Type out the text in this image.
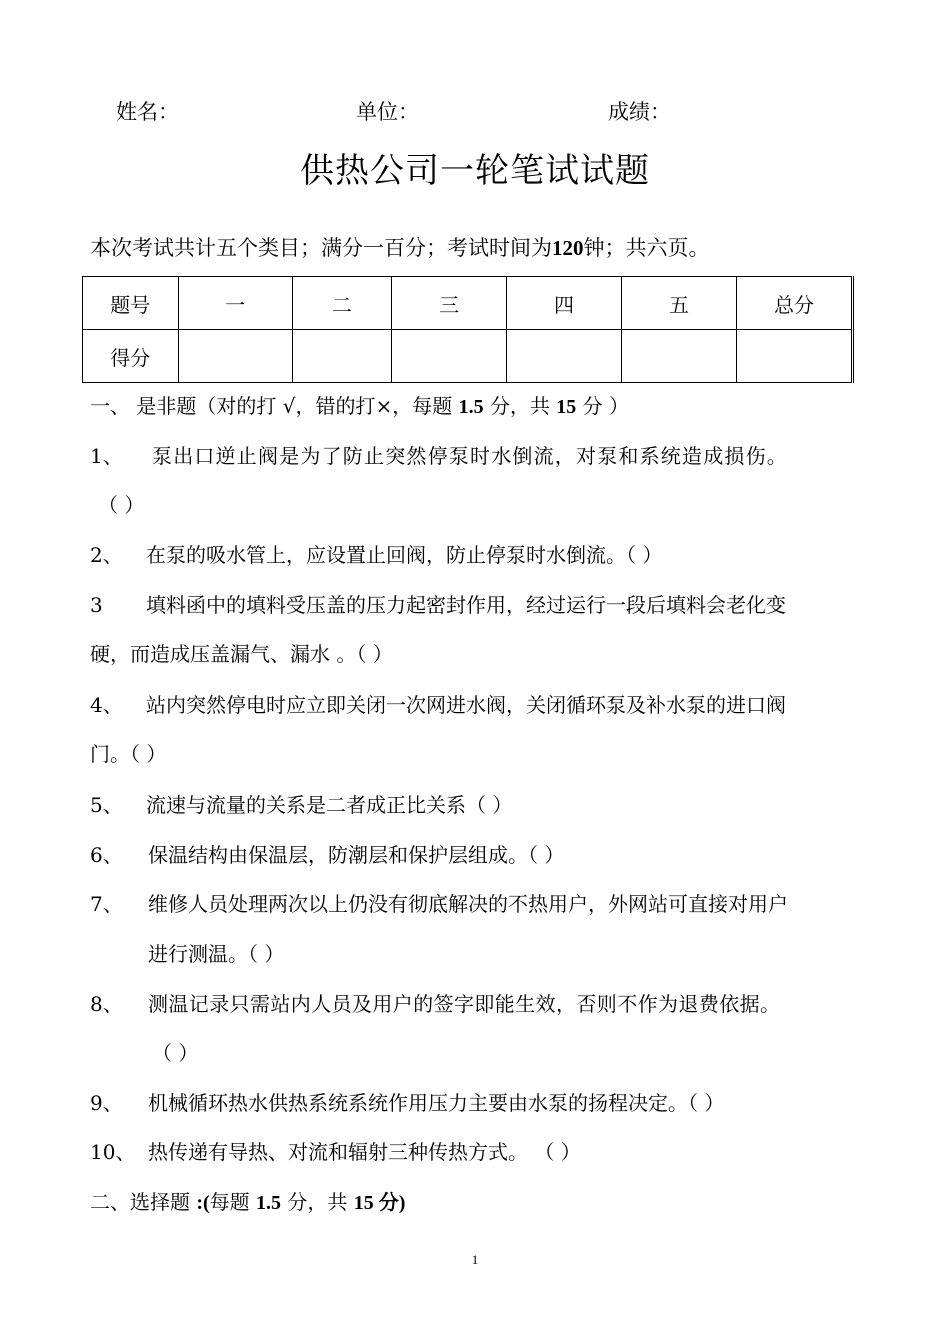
姓名：	单位：	成绩：
供热公司一轮笔试试题
本次考试共计五个类目；满分一百分；考试时间为120钟；共六页。
题号	一	二	三	四	五	总分
得分						
一、 是非题（对的打 √，错的打×，每题 1.5 分，共 15 分 ）
1、 泵出口逆止阀是为了防止突然停泵时水倒流，对泵和系统造成损伤。
（ ）
2、 在泵的吸水管上，应设置止回阀，防止停泵时水倒流。（ ）
3 填料函中的填料受压盖的压力起密封作用，经过运行一段后填料会老化变
硬，而造成压盖漏气、漏水 。（ ）
4、 站内突然停电时应立即关闭一次网进水阀，关闭循环泵及补水泵的进口阀
门。（ ）
5、 流速与流量的关系是二者成正比关系（ ）
6、 保温结构由保温层，防潮层和保护层组成。（ ）
7、 维修人员处理两次以上仍没有彻底解决的不热用户，外网站可直接对用户
进行测温。（ ）
8、 测温记录只需站内人员及用户的签字即能生效，否则不作为退费依据。
（ ）
9、 机械循环热水供热系统系统作用压力主要由水泵的扬程决定。（ ）
10、 热传递有导热、对流和辐射三种传热方式。 （ ）
二、选择题 :(每题 1.5 分，共 15 分)
1
